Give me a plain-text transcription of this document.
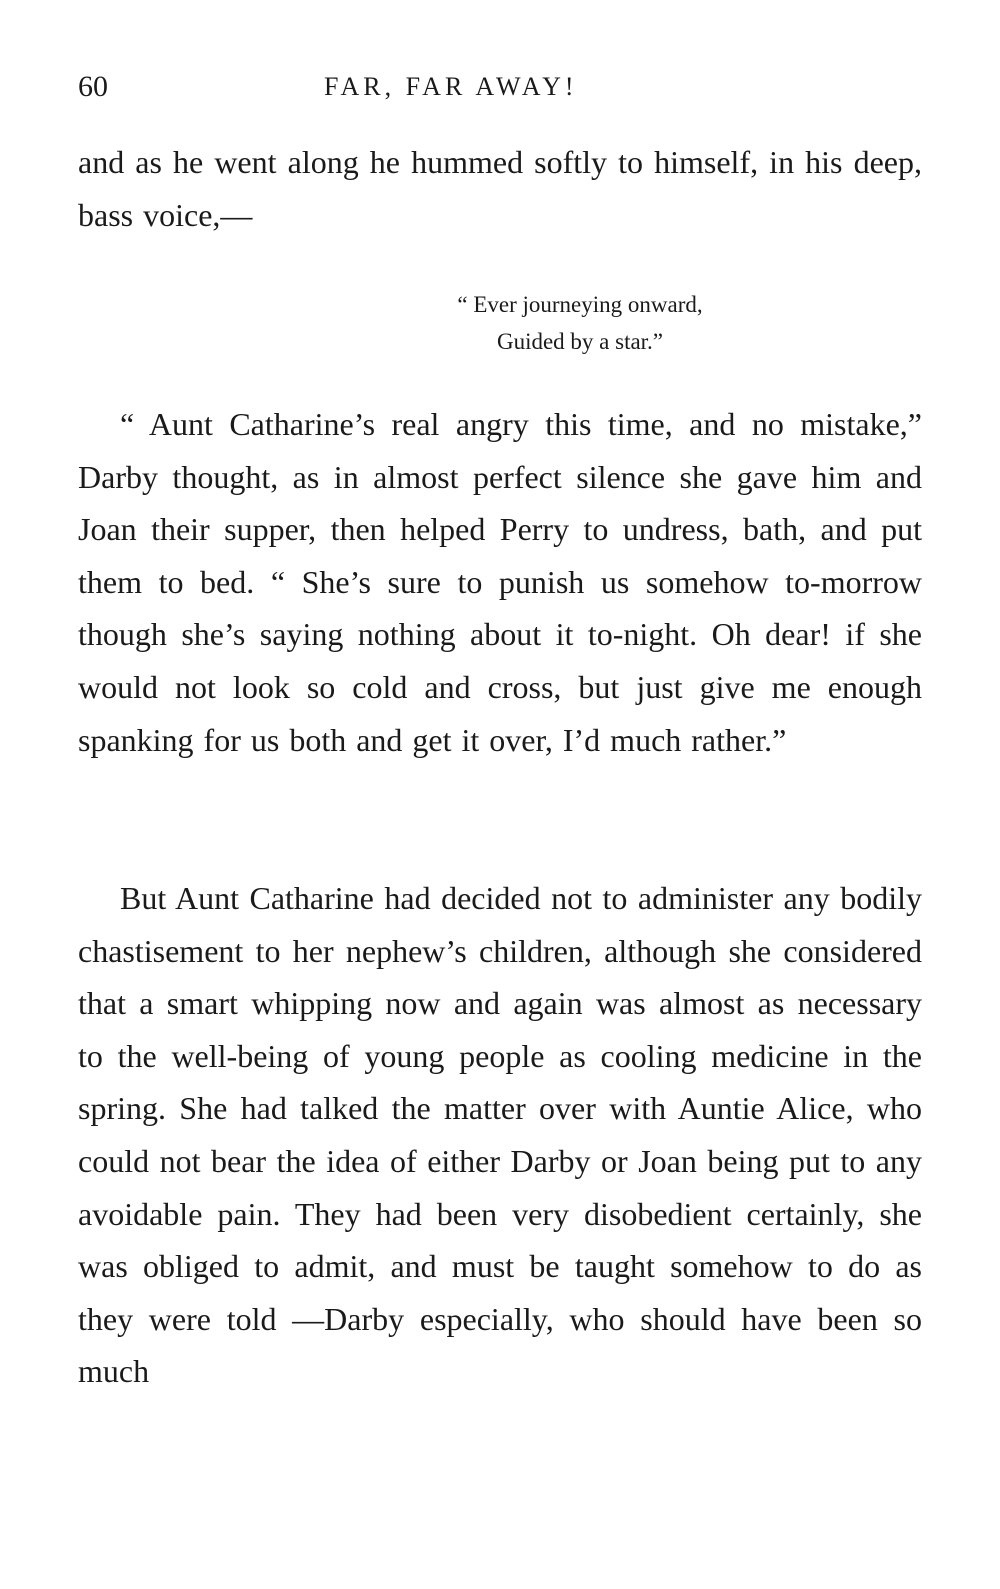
60	FAR, FAR AWAY!

and as he went along he hummed softly to himself, in his deep, bass voice,—

“ Ever journeying onward,
Guided by a star.”

“ Aunt Catharine’s real angry this time, and no mistake,” Darby thought, as in almost perfect silence she gave him and Joan their supper, then helped Perry to undress, bath, and put them to bed. “ She’s sure to punish us somehow to-morrow though she’s saying nothing about it to-night. Oh dear! if she would not look so cold and cross, but just give me enough spanking for us both and get it over, I’d much rather.”

But Aunt Catharine had decided not to administer any bodily chastisement to her nephew’s children, although she considered that a smart whipping now and again was almost as necessary to the well-being of young people as cooling medicine in the spring. She had talked the matter over with Auntie Alice, who could not bear the idea of either Darby or Joan being put to any avoidable pain. They had been very disobedient certainly, she was obliged to admit, and must be taught somehow to do as they were told —Darby especially, who should have been so much
